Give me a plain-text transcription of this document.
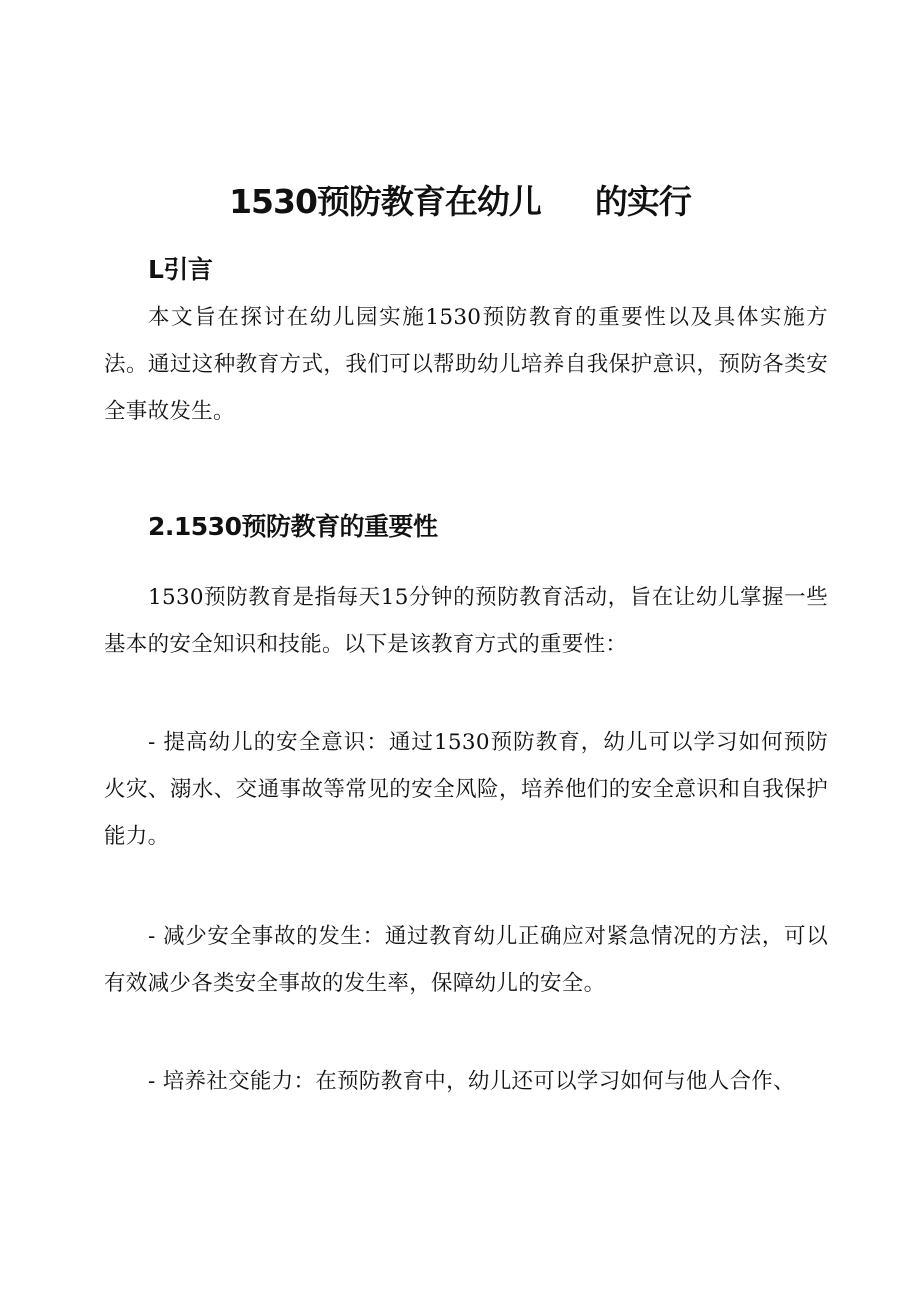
1530预防教育在幼儿 的实行
L引言
本文旨在探讨在幼儿园实施1530预防教育的重要性以及具体实施方法。通过这种教育方式，我们可以帮助幼儿培养自我保护意识，预防各类安全事故发生。
2.1530预防教育的重要性
1530预防教育是指每天15分钟的预防教育活动，旨在让幼儿掌握一些基本的安全知识和技能。以下是该教育方式的重要性：
- 提高幼儿的安全意识：通过1530预防教育，幼儿可以学习如何预防火灾、溺水、交通事故等常见的安全风险，培养他们的安全意识和自我保护能力。
- 减少安全事故的发生：通过教育幼儿正确应对紧急情况的方法，可以有效减少各类安全事故的发生率，保障幼儿的安全。
- 培养社交能力：在预防教育中，幼儿还可以学习如何与他人合作、
